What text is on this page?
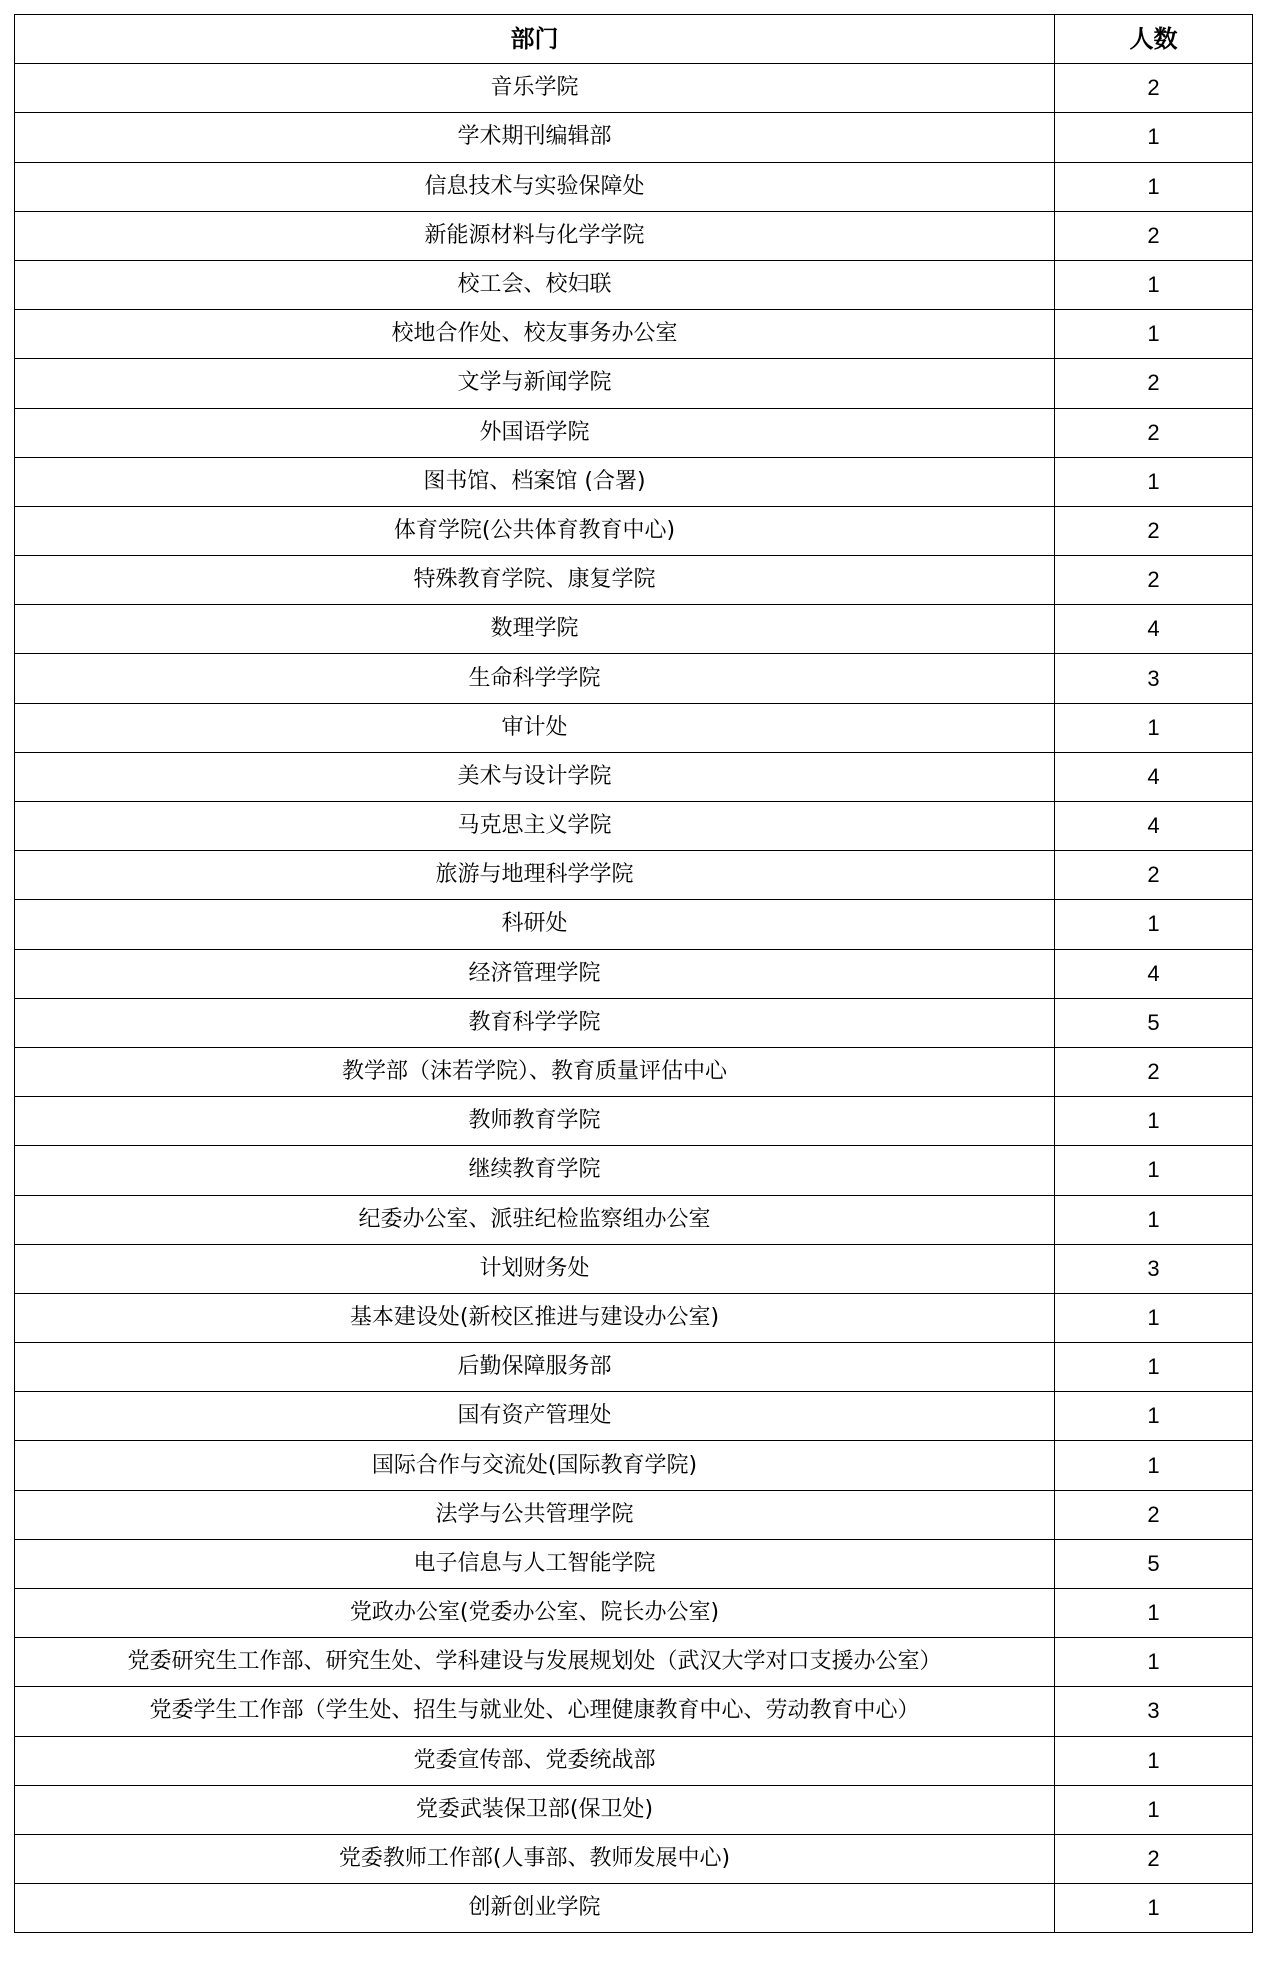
部门	人数
音乐学院	2
学术期刊编辑部	1
信息技术与实验保障处	1
新能源材料与化学学院	2
校工会、校妇联	1
校地合作处、校友事务办公室	1
文学与新闻学院	2
外国语学院	2
图书馆、档案馆 (合署)	1
体育学院(公共体育教育中心)	2
特殊教育学院、康复学院	2
数理学院	4
生命科学学院	3
审计处	1
美术与设计学院	4
马克思主义学院	4
旅游与地理科学学院	2
科研处	1
经济管理学院	4
教育科学学院	5
教学部（沫若学院）、教育质量评估中心	2
教师教育学院	1
继续教育学院	1
纪委办公室、派驻纪检监察组办公室	1
计划财务处	3
基本建设处(新校区推进与建设办公室)	1
后勤保障服务部	1
国有资产管理处	1
国际合作与交流处(国际教育学院)	1
法学与公共管理学院	2
电子信息与人工智能学院	5
党政办公室(党委办公室、院长办公室)	1
党委研究生工作部、研究生处、学科建设与发展规划处（武汉大学对口支援办公室）	1
党委学生工作部（学生处、招生与就业处、心理健康教育中心、劳动教育中心）	3
党委宣传部、党委统战部	1
党委武装保卫部(保卫处)	1
党委教师工作部(人事部、教师发展中心)	2
创新创业学院	1
